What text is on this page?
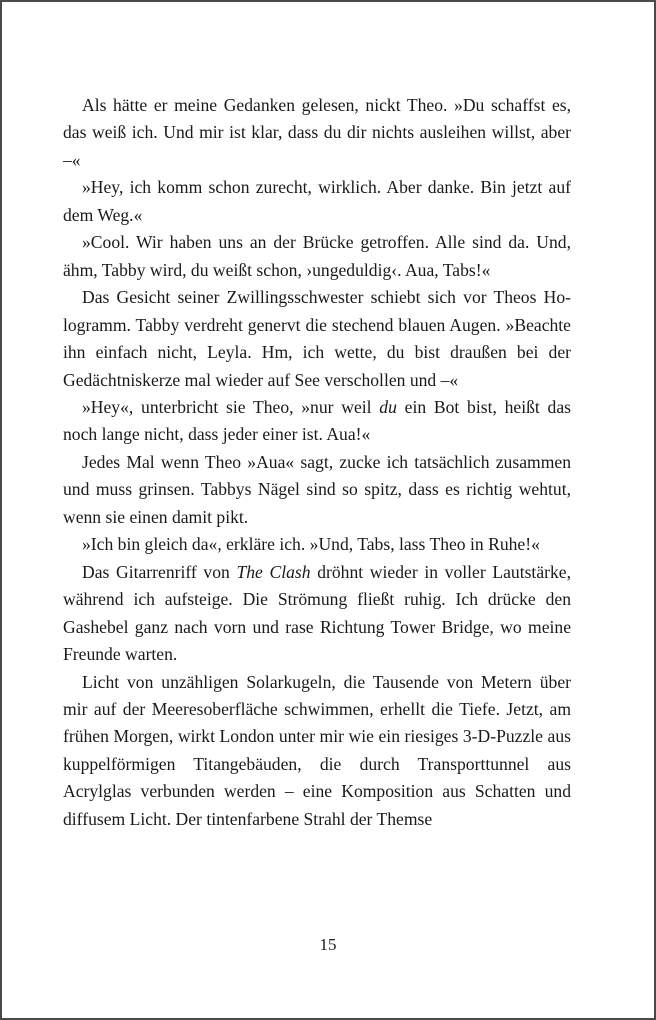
Als hätte er meine Gedanken gelesen, nickt Theo. »Du schaffst es, das weiß ich. Und mir ist klar, dass du dir nichts ausleihen willst, aber –«

»Hey, ich komm schon zurecht, wirklich. Aber danke. Bin jetzt auf dem Weg.«

»Cool. Wir haben uns an der Brücke getroffen. Alle sind da. Und, ähm, Tabby wird, du weißt schon, ›ungeduldig‹. Aua, Tabs!«

Das Gesicht seiner Zwillingsschwester schiebt sich vor Theos Hologramm. Tabby verdreht genervt die stechend blauen Augen. »Beachte ihn einfach nicht, Leyla. Hm, ich wette, du bist draußen bei der Gedächtniskerze mal wieder auf See verschollen und –«

»Hey«, unterbricht sie Theo, »nur weil du ein Bot bist, heißt das noch lange nicht, dass jeder einer ist. Aua!«

Jedes Mal wenn Theo »Aua« sagt, zucke ich tatsächlich zusammen und muss grinsen. Tabbys Nägel sind so spitz, dass es richtig wehtut, wenn sie einen damit pikt.

»Ich bin gleich da«, erkläre ich. »Und, Tabs, lass Theo in Ruhe!«

Das Gitarrenriff von The Clash dröhnt wieder in voller Lautstärke, während ich aufsteige. Die Strömung fließt ruhig. Ich drücke den Gashebel ganz nach vorn und rase Richtung Tower Bridge, wo meine Freunde warten.

Licht von unzähligen Solarkugeln, die Tausende von Metern über mir auf der Meeresoberfläche schwimmen, erhellt die Tiefe. Jetzt, am frühen Morgen, wirkt London unter mir wie ein riesiges 3-D-Puzzle aus kuppelförmigen Titangebäuden, die durch Transporttunnel aus Acrylglas verbunden werden – eine Komposition aus Schatten und diffusem Licht. Der tintenfarbene Strahl der Themse

15
